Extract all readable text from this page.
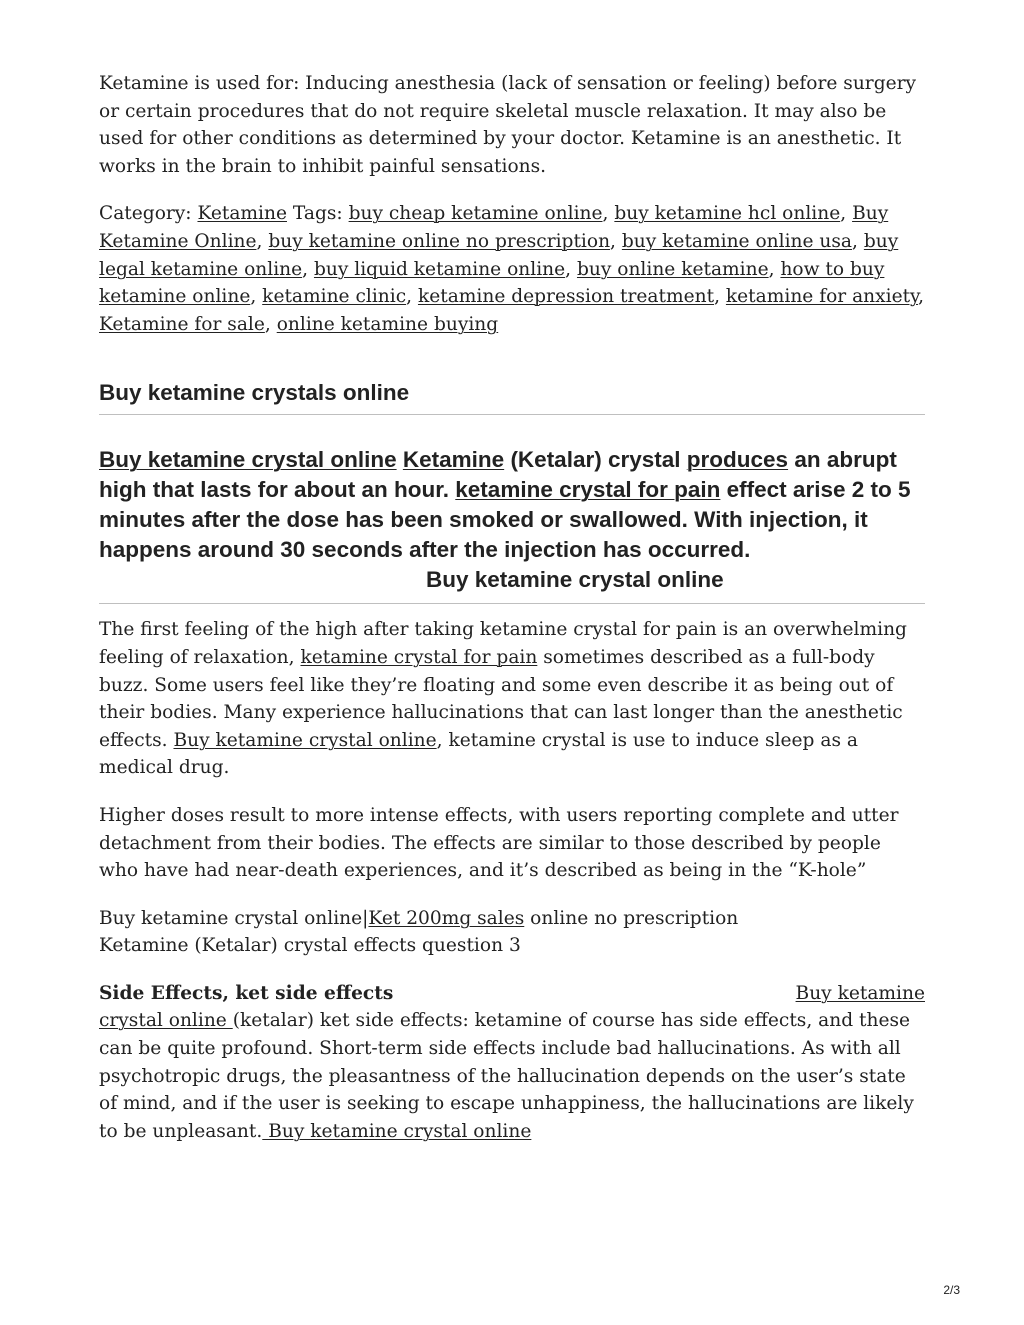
Ketamine is used for: Inducing anesthesia (lack of sensation or feeling) before surgery or certain procedures that do not require skeletal muscle relaxation. It may also be used for other conditions as determined by your doctor. Ketamine is an anesthetic. It works in the brain to inhibit painful sensations.

Category: Ketamine Tags: buy cheap ketamine online, buy ketamine hcl online, Buy Ketamine Online, buy ketamine online no prescription, buy ketamine online usa, buy legal ketamine online, buy liquid ketamine online, buy online ketamine, how to buy ketamine online, ketamine clinic, ketamine depression treatment, ketamine for anxiety, Ketamine for sale, online ketamine buying

Buy ketamine crystals online
Buy ketamine crystal online Ketamine (Ketalar) crystal produces an abrupt high that lasts for about an hour. ketamine crystal for pain effect arise 2 to 5 minutes after the dose has been smoked or swallowed. With injection, it happens around 30 seconds after the injection has occurred.Buy ketamine crystal online

The first feeling of the high after taking ketamine crystal for pain is an overwhelming feeling of relaxation, ketamine crystal for pain sometimes described as a full-body buzz. Some users feel like they’re floating and some even describe it as being out of their bodies. Many experience hallucinations that can last longer than the anesthetic effects. Buy ketamine crystal online, ketamine crystal is use to induce sleep as a medical drug.

Higher doses result to more intense effects, with users reporting complete and utter detachment from their bodies. The effects are similar to those described by people who have had near-death experiences, and it’s described as being in the “K-hole”

Buy ketamine crystal online|Ket 200mg sales online no prescription
Ketamine (Ketalar) crystal effects question 3

Side Effects, ket side effects	Buy ketamine

crystal online (ketalar) ket side effects: ketamine of course has side effects, and these can be quite profound. Short-term side effects include bad hallucinations. As with all psychotropic drugs, the pleasantness of the hallucination depends on the user’s state of mind, and if the user is seeking to escape unhappiness, the hallucinations are likely to be unpleasant. Buy ketamine crystal online

2/3
